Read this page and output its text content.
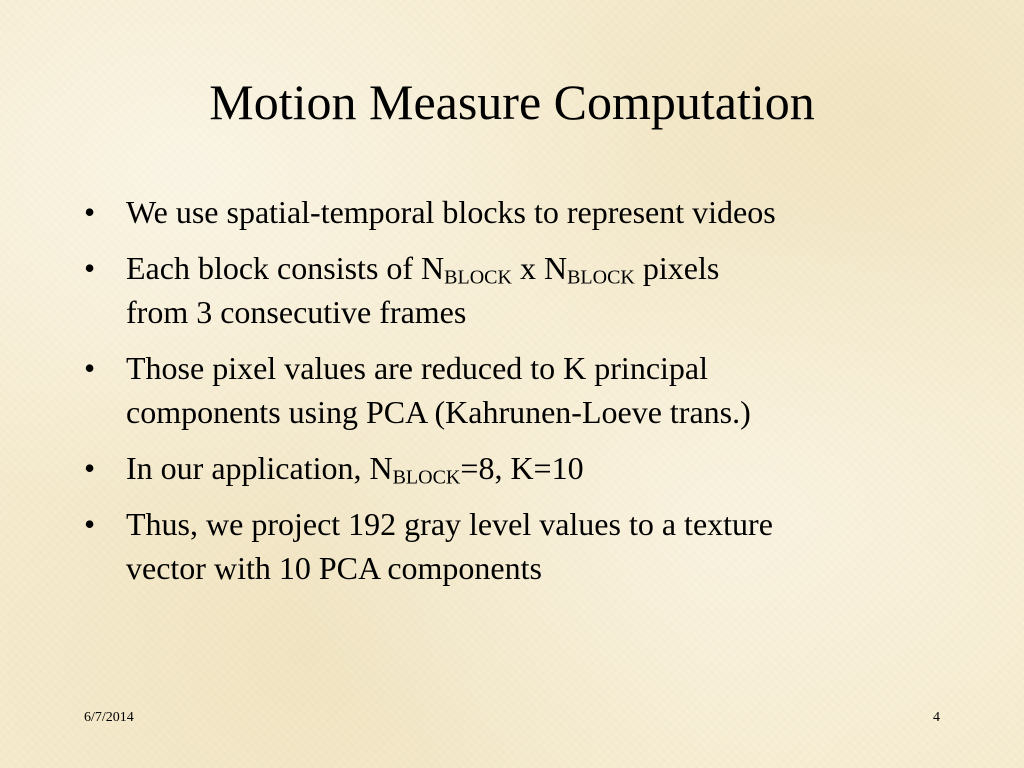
Motion Measure Computation
• We use spatial-temporal blocks to represent videos
• Each block consists of $N_{BLOCK}$ x $N_{BLOCK}$ pixels
from 3 consecutive frames
• Those pixel values are reduced to K principal
components using PCA (Kahrunen-Loeve trans.)
• In our application, $N_{BLOCK}=8$, K=10
• Thus, we project 192 gray level values to a texture
vector with 10 PCA components
6/7/2014	4
